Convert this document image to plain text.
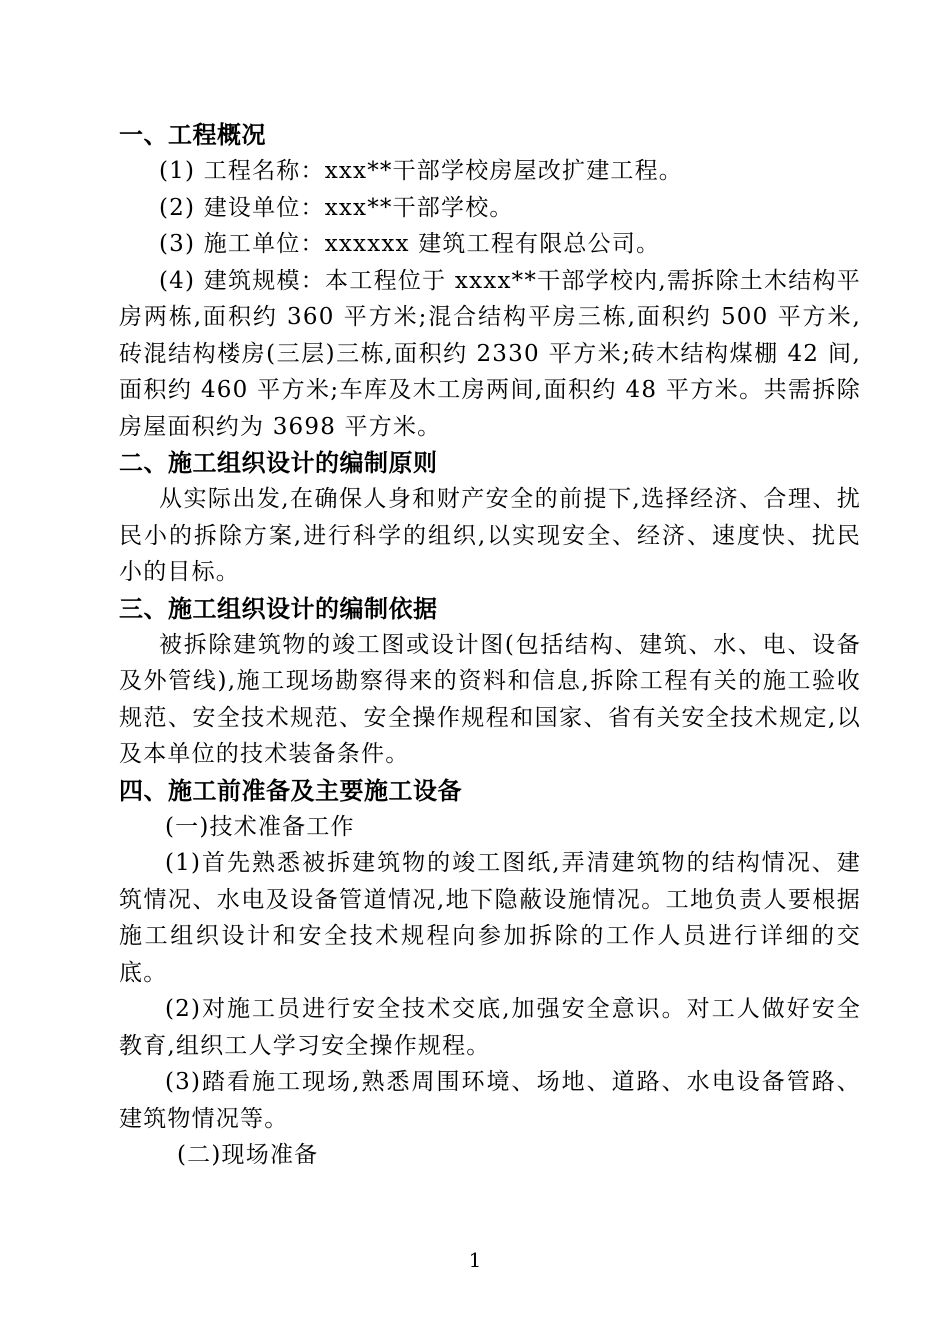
一、工程概况

(1) 工程名称：xxx**干部学校房屋改扩建工程。

(2) 建设单位：xxx**干部学校。

(3) 施工单位：xxxxxx 建筑工程有限总公司。

(4) 建筑规模：本工程位于 xxxx**干部学校内,需拆除土木结构平房两栋,面积约 360 平方米;混合结构平房三栋,面积约 500 平方米,砖混结构楼房(三层)三栋,面积约 2330 平方米;砖木结构煤棚 42 间,面积约 460 平方米;车库及木工房两间,面积约 48 平方米。共需拆除房屋面积约为 3698 平方米。

二、施工组织设计的编制原则

从实际出发,在确保人身和财产安全的前提下,选择经济、合理、扰民小的拆除方案,进行科学的组织,以实现安全、经济、速度快、扰民小的目标。

三、施工组织设计的编制依据

被拆除建筑物的竣工图或设计图(包括结构、建筑、水、电、设备及外管线),施工现场勘察得来的资料和信息,拆除工程有关的施工验收规范、安全技术规范、安全操作规程和国家、省有关安全技术规定,以及本单位的技术装备条件。

四、施工前准备及主要施工设备

(一)技术准备工作

(1)首先熟悉被拆建筑物的竣工图纸,弄清建筑物的结构情况、建筑情况、水电及设备管道情况,地下隐蔽设施情况。工地负责人要根据施工组织设计和安全技术规程向参加拆除的工作人员进行详细的交底。

(2)对施工员进行安全技术交底,加强安全意识。对工人做好安全教育,组织工人学习安全操作规程。

(3)踏看施工现场,熟悉周围环境、场地、道路、水电设备管路、建筑物情况等。

(二)现场准备

1
